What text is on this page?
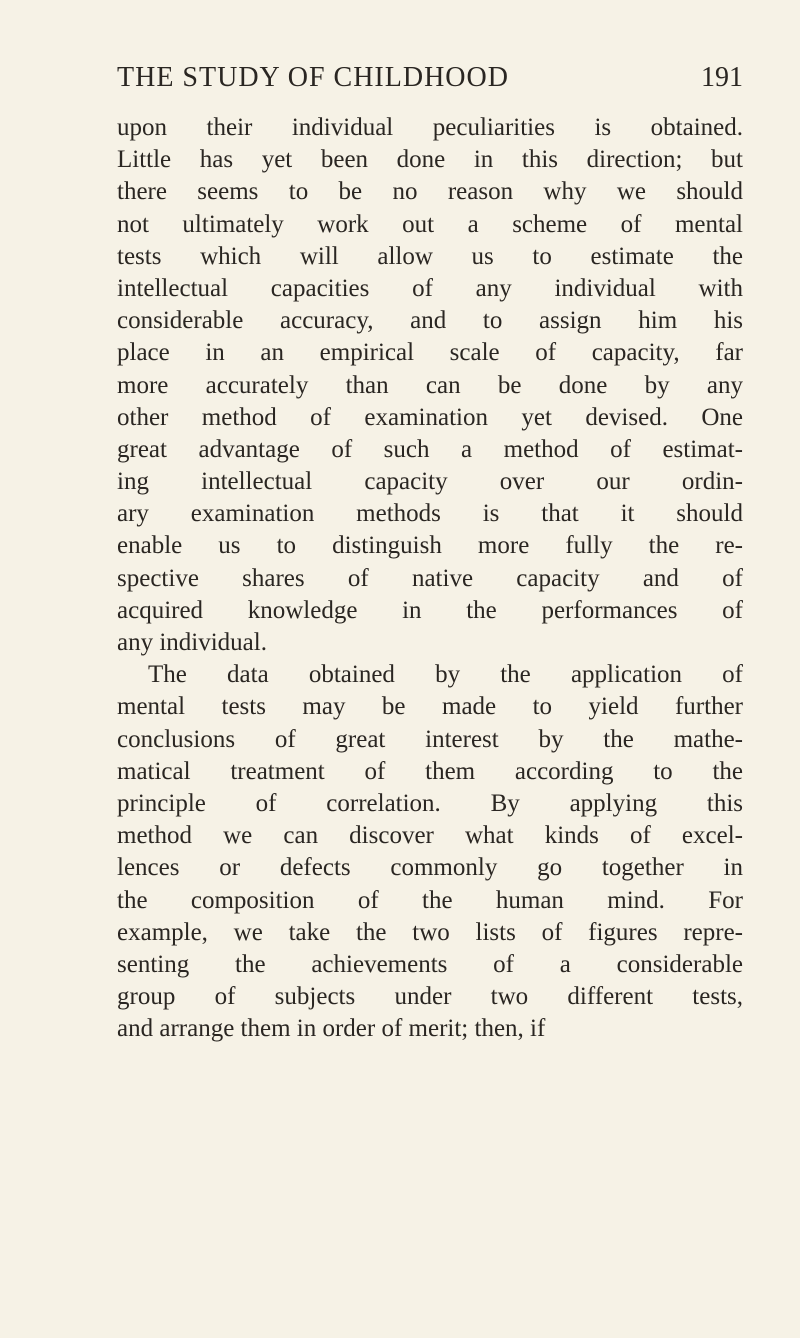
THE STUDY OF CHILDHOOD	191
upon their individual peculiarities is obtained.
Little has yet been done in this direction; but
there seems to be no reason why we should
not ultimately work out a scheme of mental
tests which will allow us to estimate the
intellectual capacities of any individual with
considerable accuracy, and to assign him his
place in an empirical scale of capacity, far
more accurately than can be done by any
other method of examination yet devised. One
great advantage of such a method of estimat-
ing intellectual capacity over our ordin-
ary examination methods is that it should
enable us to distinguish more fully the re-
spective shares of native capacity and of
acquired knowledge in the performances of
any individual.
The data obtained by the application of
mental tests may be made to yield further
conclusions of great interest by the mathe-
matical treatment of them according to the
principle of correlation. By applying this
method we can discover what kinds of excel-
lences or defects commonly go together in
the composition of the human mind. For
example, we take the two lists of figures repre-
senting the achievements of a considerable
group of subjects under two different tests,
and arrange them in order of merit; then, if
